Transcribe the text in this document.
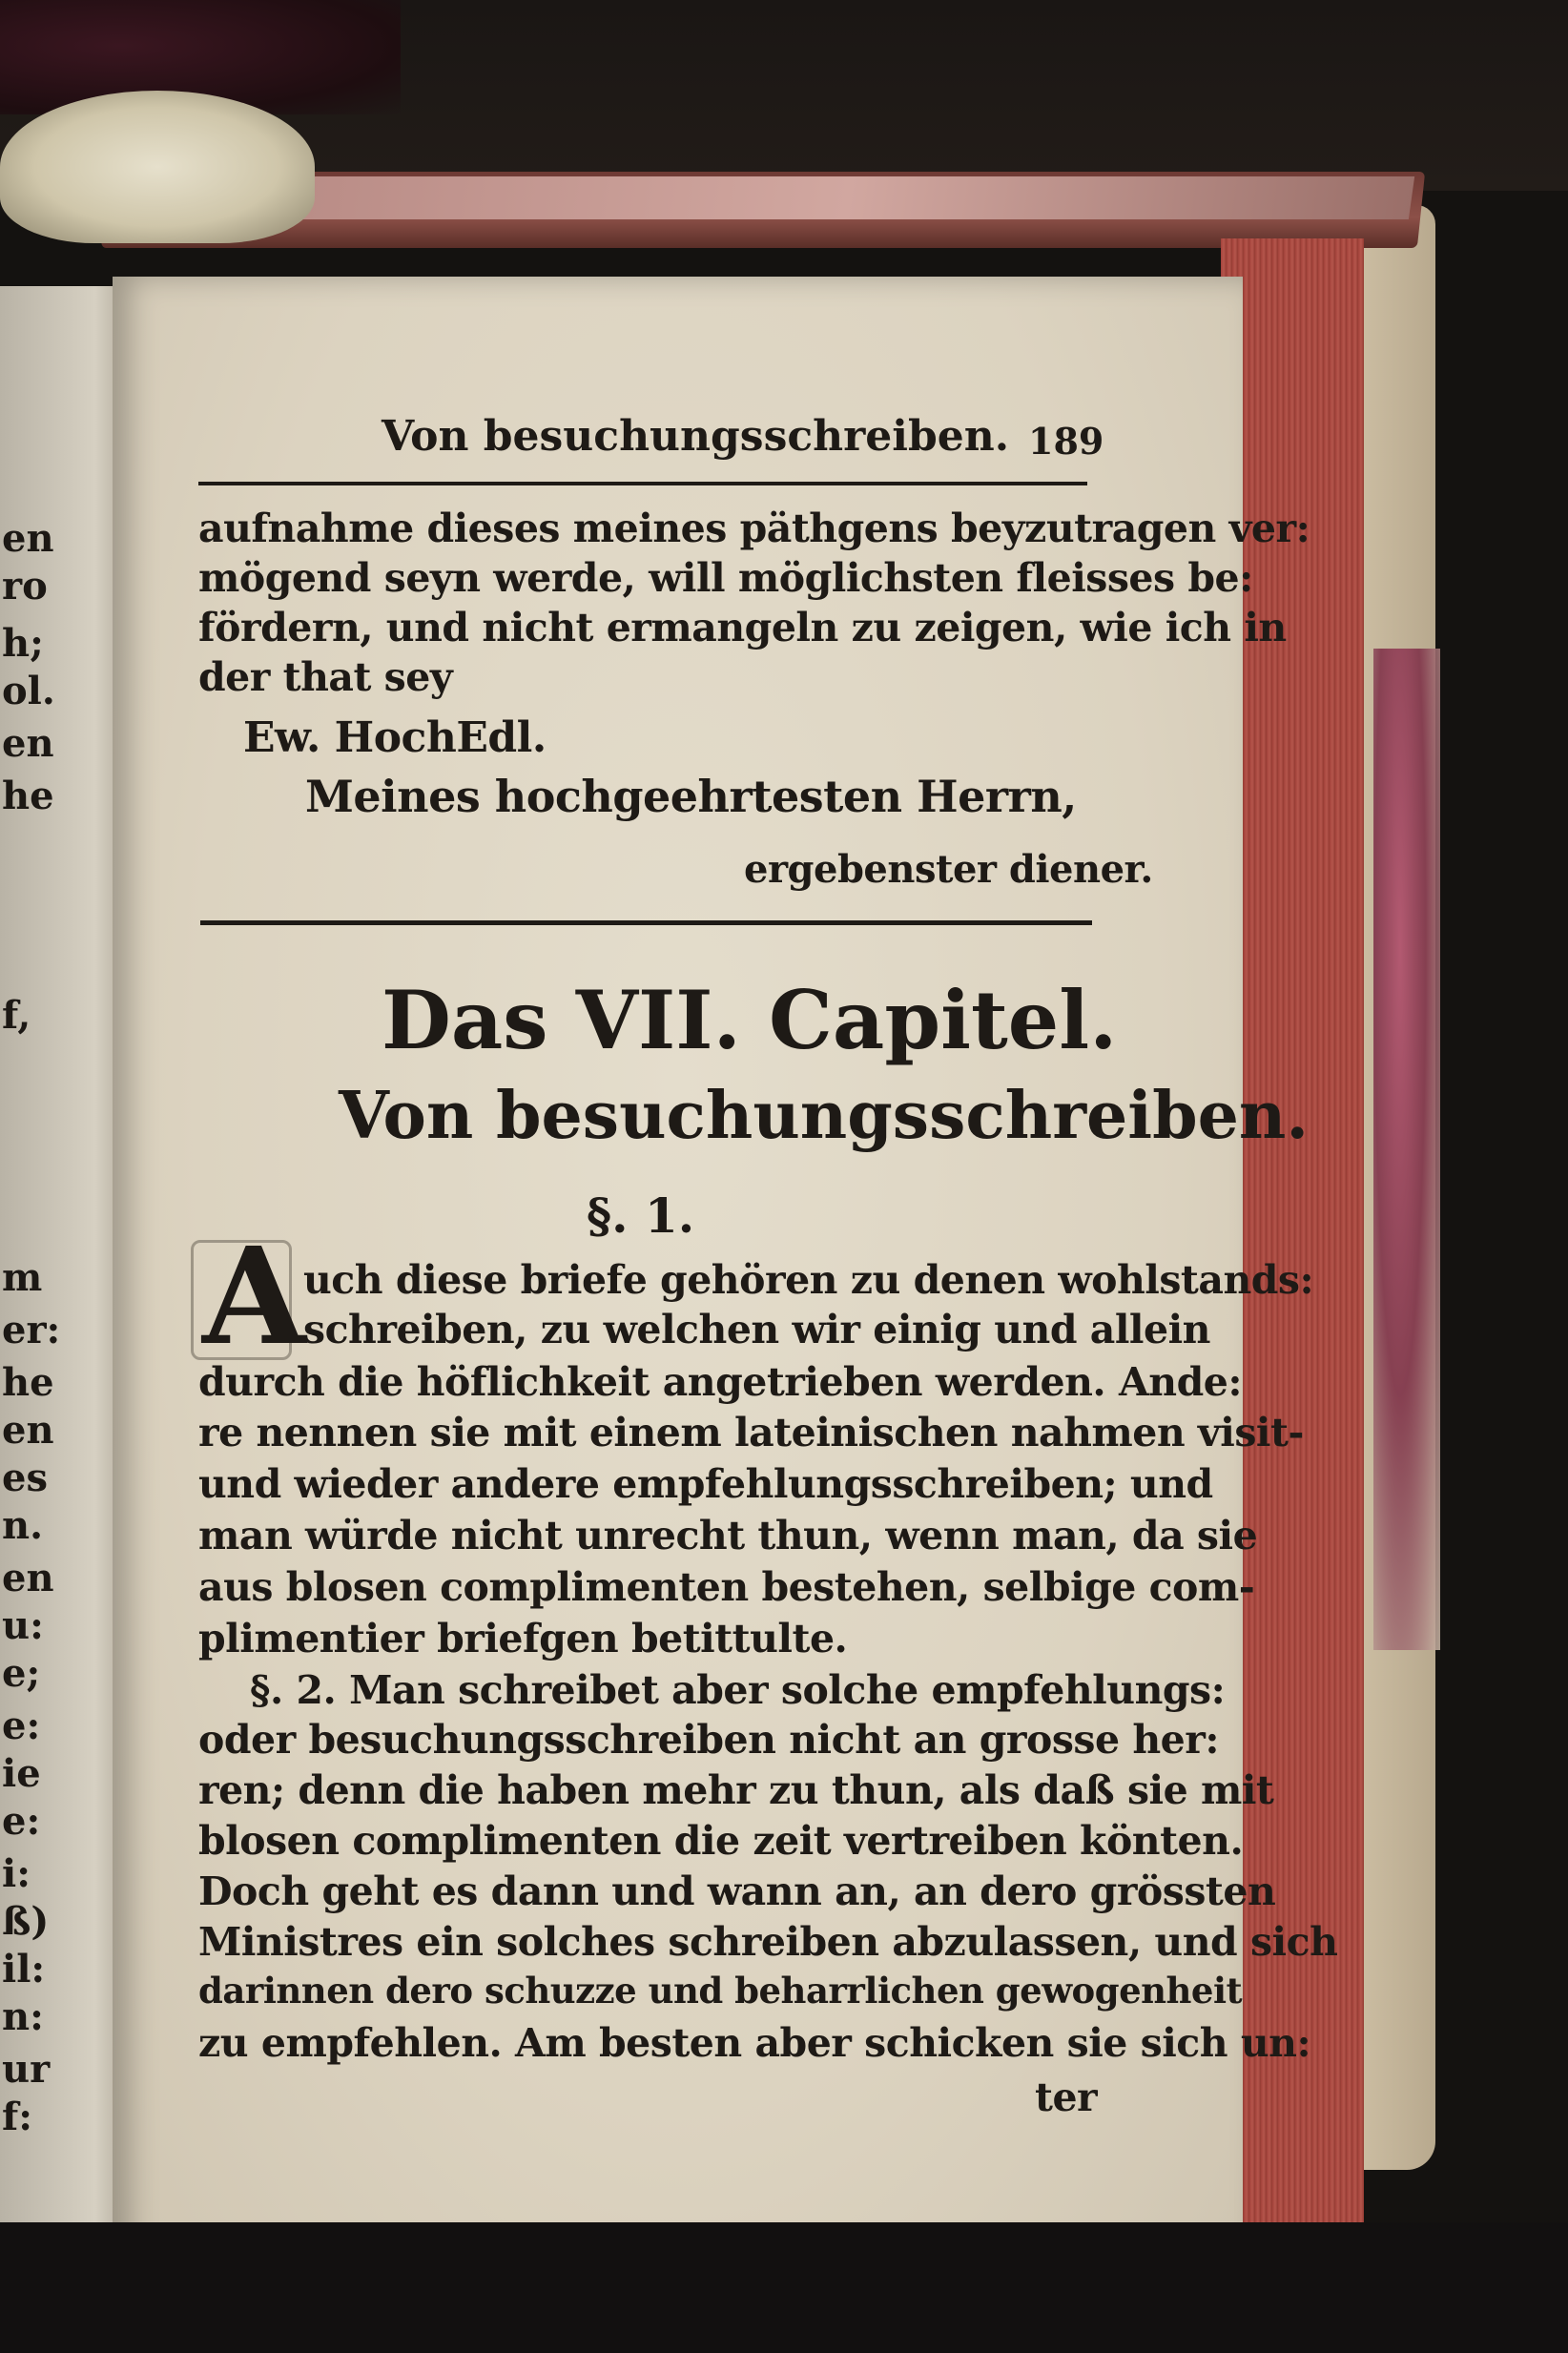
Von besuchungsschreiben. 189
aufnahme dieses meines päthgens beyzutragen ver:
mögend seyn werde, will möglichsten fleisses be:
fördern, und nicht ermangeln zu zeigen, wie ich in
der that sey
Ew. HochEdl.
Meines hochgeehrtesten Herrn,
ergebenster diener.
Das VII. Capitel.
Von besuchungsschreiben.
§. 1.
A
uch diese briefe gehören zu denen wohlstands:
schreiben, zu welchen wir einig und allein
durch die höflichkeit angetrieben werden. Ande:
re nennen sie mit einem lateinischen nahmen visit-
und wieder andere empfehlungsschreiben; und
man würde nicht unrecht thun, wenn man, da sie
aus blosen complimenten bestehen, selbige com-
plimentier briefgen betittulte.
§. 2. Man schreibet aber solche empfehlungs:
oder besuchungsschreiben nicht an grosse her:
ren; denn die haben mehr zu thun, als daß sie mit
blosen complimenten die zeit vertreiben könten.
Doch geht es dann und wann an, an dero grössten
Ministres ein solches schreiben abzulassen, und sich
darinnen dero schuzze und beharrlichen gewogenheit
zu empfehlen. Am besten aber schicken sie sich un:
ter
en
ro
h;
ol.
en
he
f,
m
er:
he
en
es
n.
en
u:
e;
e:
ie
e:
i:
ß)
il:
n:
ur
f:
